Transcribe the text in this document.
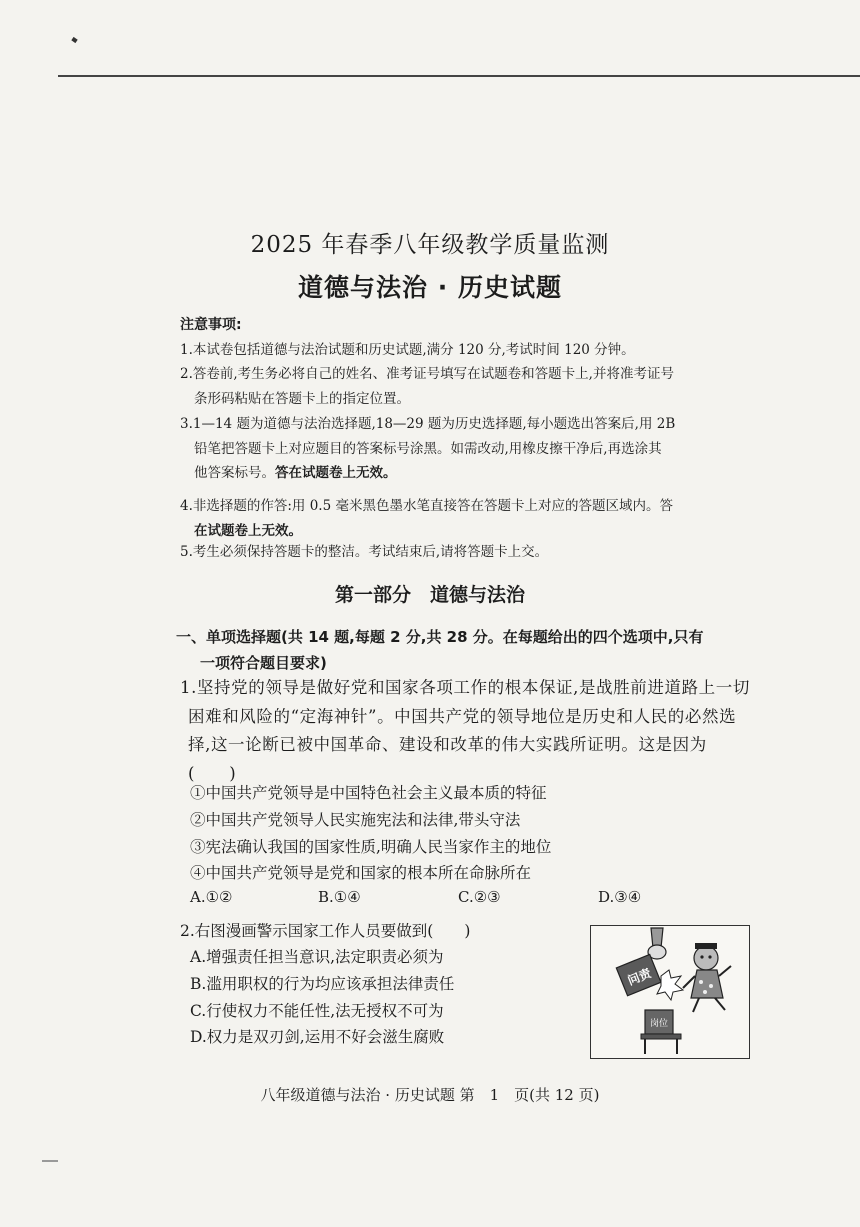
2025 年春季八年级教学质量监测
道德与法治 · 历史试题
注意事项:
1.本试卷包括道德与法治试题和历史试题,满分 120 分,考试时间 120 分钟。
2.答卷前,考生务必将自己的姓名、准考证号填写在试题卷和答题卡上,并将准考证号
条形码粘贴在答题卡上的指定位置。
3.1—14 题为道德与法治选择题,18—29 题为历史选择题,每小题选出答案后,用 2B
铅笔把答题卡上对应题目的答案标号涂黑。如需改动,用橡皮擦干净后,再选涂其
他答案标号。答在试题卷上无效。
4.非选择题的作答:用 0.5 毫米黑色墨水笔直接答在答题卡上对应的答题区域内。答
在试题卷上无效。
5.考生必须保持答题卡的整洁。考试结束后,请将答题卡上交。
第一部分　道德与法治
一、单项选择题(共 14 题,每题 2 分,共 28 分。在每题给出的四个选项中,只有
一项符合题目要求)
1.坚持党的领导是做好党和国家各项工作的根本保证,是战胜前进道路上一切
困难和风险的“定海神针”。中国共产党的领导地位是历史和人民的必然选
择,这一论断已被中国革命、建设和改革的伟大实践所证明。这是因为
(　　)
①中国共产党领导是中国特色社会主义最本质的特征
②中国共产党领导人民实施宪法和法律,带头守法
③宪法确认我国的国家性质,明确人民当家作主的地位
④中国共产党领导是党和国家的根本所在命脉所在
A.①②	B.①④	C.②③	D.③④
2.右图漫画警示国家工作人员要做到(　　)
A.增强责任担当意识,法定职责必须为
B.滥用职权的行为均应该承担法律责任
C.行使权力不能任性,法无授权不可为
D.权力是双刃剑,运用不好会滋生腐败
问责
岗位
八年级道德与法治 · 历史试题 第　1　页(共 12 页)
